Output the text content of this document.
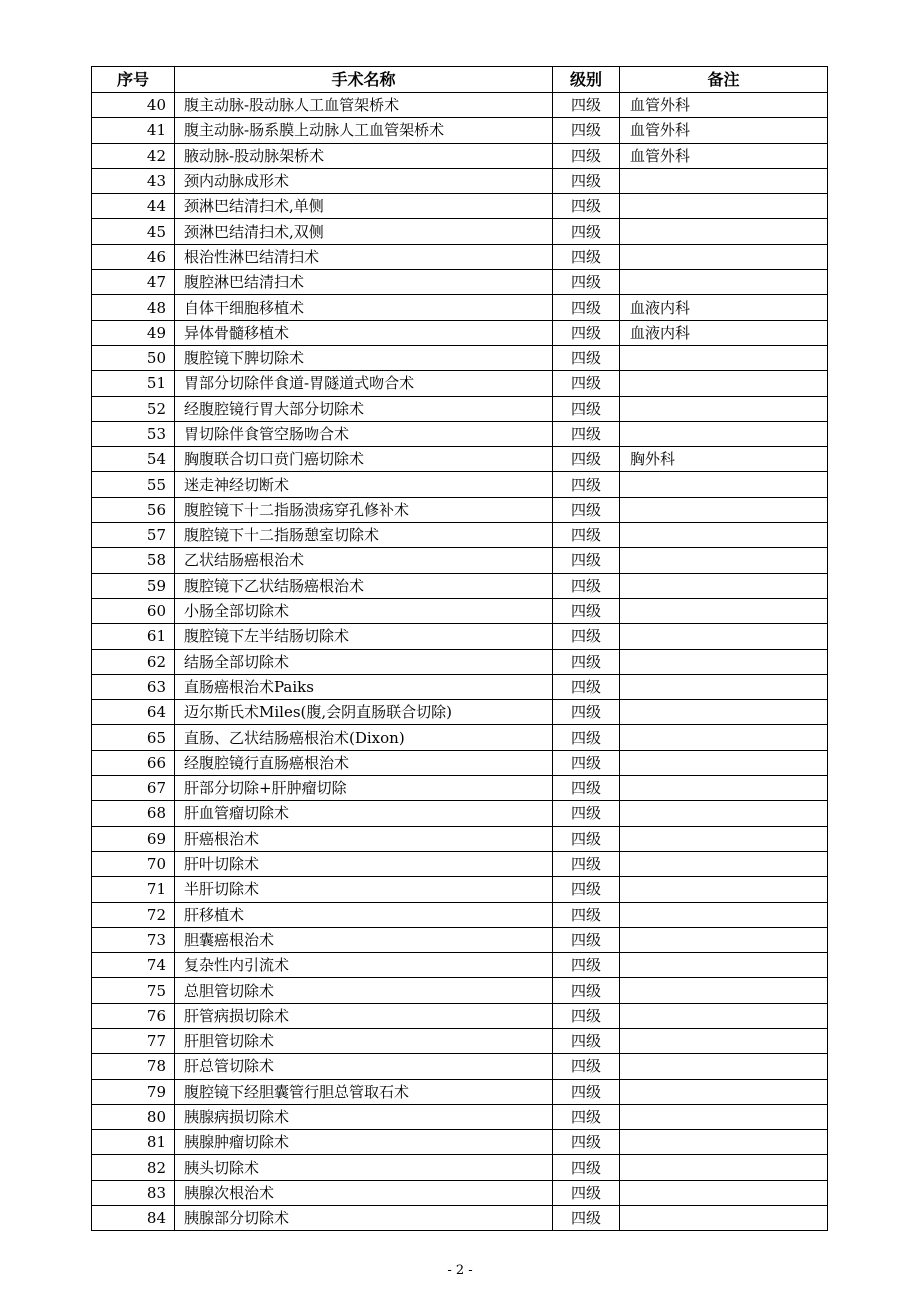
序号	手术名称	级别	备注
40	腹主动脉-股动脉人工血管架桥术	四级	血管外科
41	腹主动脉-肠系膜上动脉人工血管架桥术	四级	血管外科
42	腋动脉-股动脉架桥术	四级	血管外科
43	颈内动脉成形术	四级	
44	颈淋巴结清扫术,单侧	四级	
45	颈淋巴结清扫术,双侧	四级	
46	根治性淋巴结清扫术	四级	
47	腹腔淋巴结清扫术	四级	
48	自体干细胞移植术	四级	血液内科
49	异体骨髓移植术	四级	血液内科
50	腹腔镜下脾切除术	四级	
51	胃部分切除伴食道-胃隧道式吻合术	四级	
52	经腹腔镜行胃大部分切除术	四级	
53	胃切除伴食管空肠吻合术	四级	
54	胸腹联合切口贲门癌切除术	四级	胸外科
55	迷走神经切断术	四级	
56	腹腔镜下十二指肠溃疡穿孔修补术	四级	
57	腹腔镜下十二指肠憩室切除术	四级	
58	乙状结肠癌根治术	四级	
59	腹腔镜下乙状结肠癌根治术	四级	
60	小肠全部切除术	四级	
61	腹腔镜下左半结肠切除术	四级	
62	结肠全部切除术	四级	
63	直肠癌根治术Paiks	四级	
64	迈尔斯氏术Miles(腹,会阴直肠联合切除)	四级	
65	直肠、乙状结肠癌根治术(Dixon)	四级	
66	经腹腔镜行直肠癌根治术	四级	
67	肝部分切除+肝肿瘤切除	四级	
68	肝血管瘤切除术	四级	
69	肝癌根治术	四级	
70	肝叶切除术	四级	
71	半肝切除术	四级	
72	肝移植术	四级	
73	胆囊癌根治术	四级	
74	复杂性内引流术	四级	
75	总胆管切除术	四级	
76	肝管病损切除术	四级	
77	肝胆管切除术	四级	
78	肝总管切除术	四级	
79	腹腔镜下经胆囊管行胆总管取石术	四级	
80	胰腺病损切除术	四级	
81	胰腺肿瘤切除术	四级	
82	胰头切除术	四级	
83	胰腺次根治术	四级	
84	胰腺部分切除术	四级	
- 2 -
